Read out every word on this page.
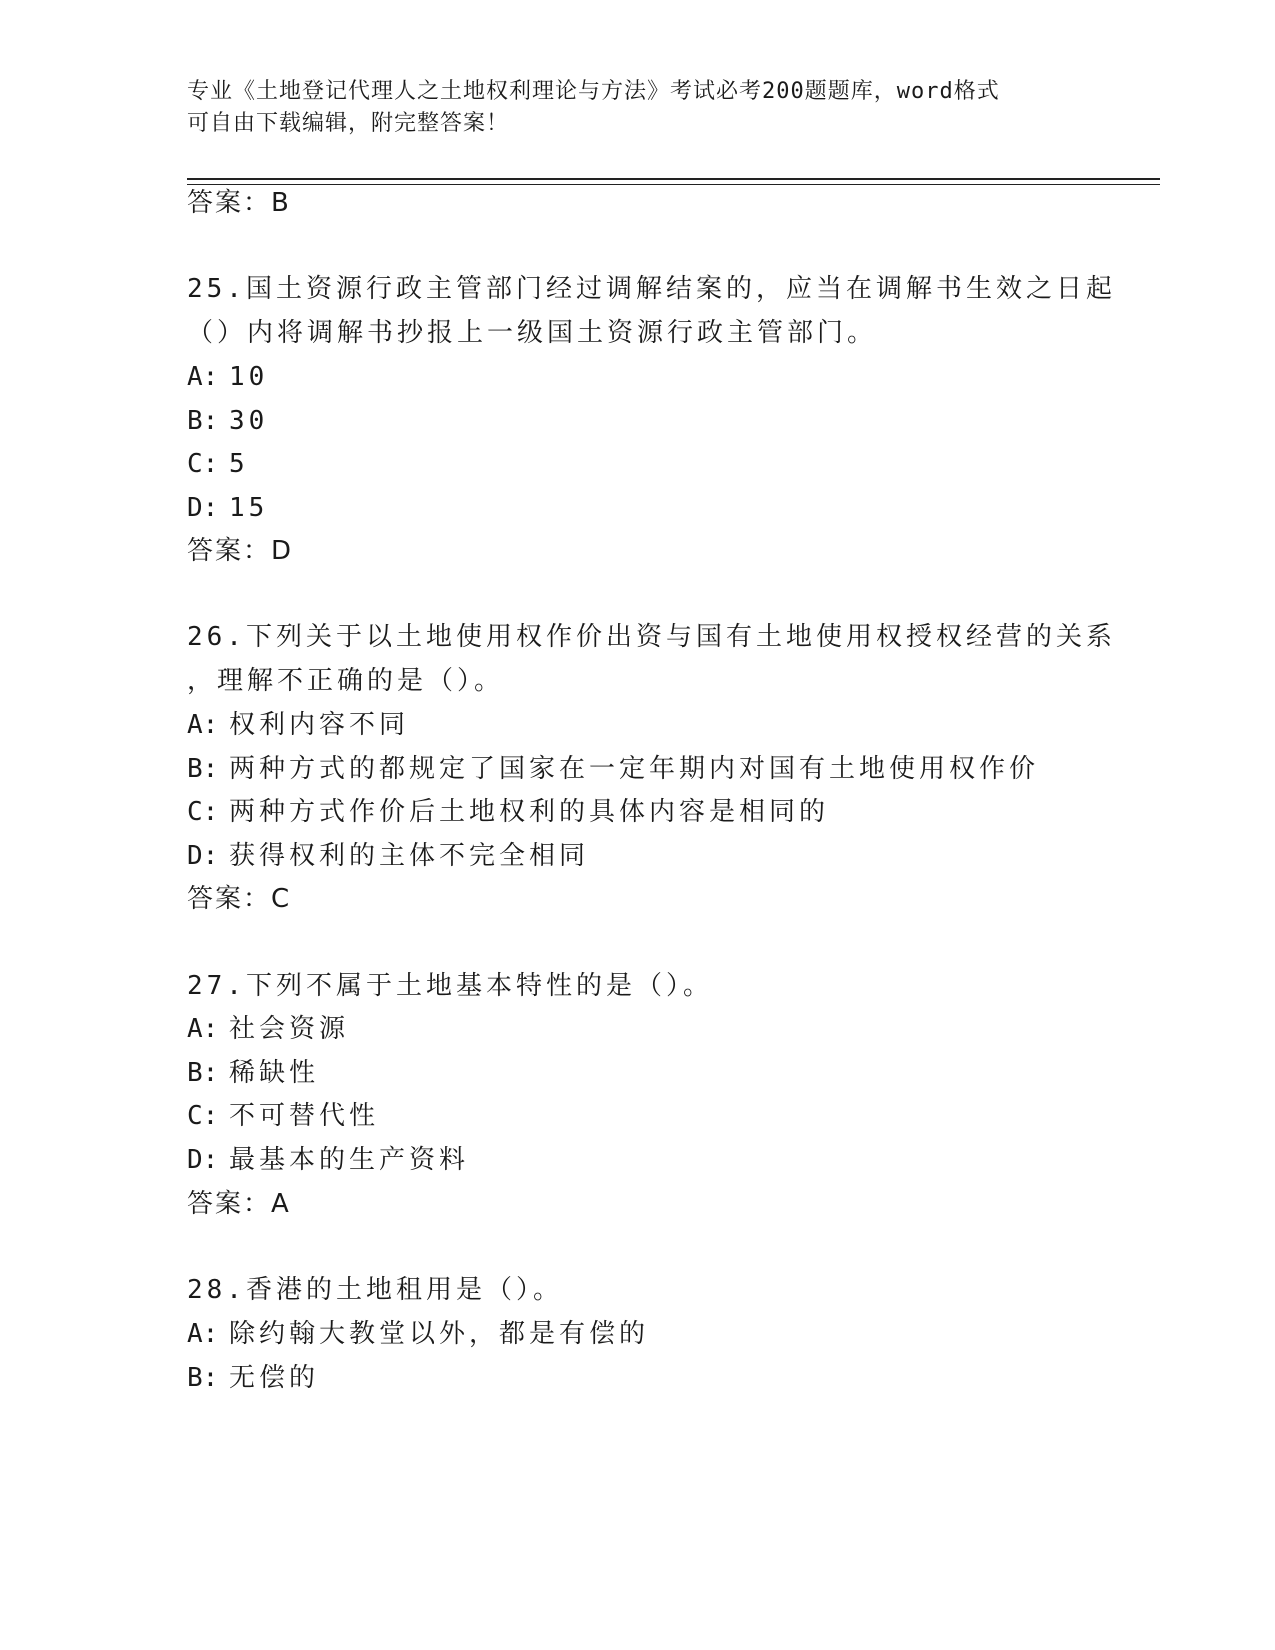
专业《土地登记代理人之土地权利理论与方法》考试必考200题题库，word格式
可自由下载编辑，附完整答案！
答案：B
25.国土资源行政主管部门经过调解结案的，应当在调解书生效之日起
（）内将调解书抄报上一级国土资源行政主管部门。
A: 10
B: 30
C: 5
D: 15
答案：D
26.下列关于以土地使用权作价出资与国有土地使用权授权经营的关系
，理解不正确的是（）。
A: 权利内容不同
B: 两种方式的都规定了国家在一定年期内对国有土地使用权作价
C: 两种方式作价后土地权利的具体内容是相同的
D: 获得权利的主体不完全相同
答案：C
27.下列不属于土地基本特性的是（）。
A: 社会资源
B: 稀缺性
C: 不可替代性
D: 最基本的生产资料
答案：A
28.香港的土地租用是（）。
A: 除约翰大教堂以外，都是有偿的
B: 无偿的
